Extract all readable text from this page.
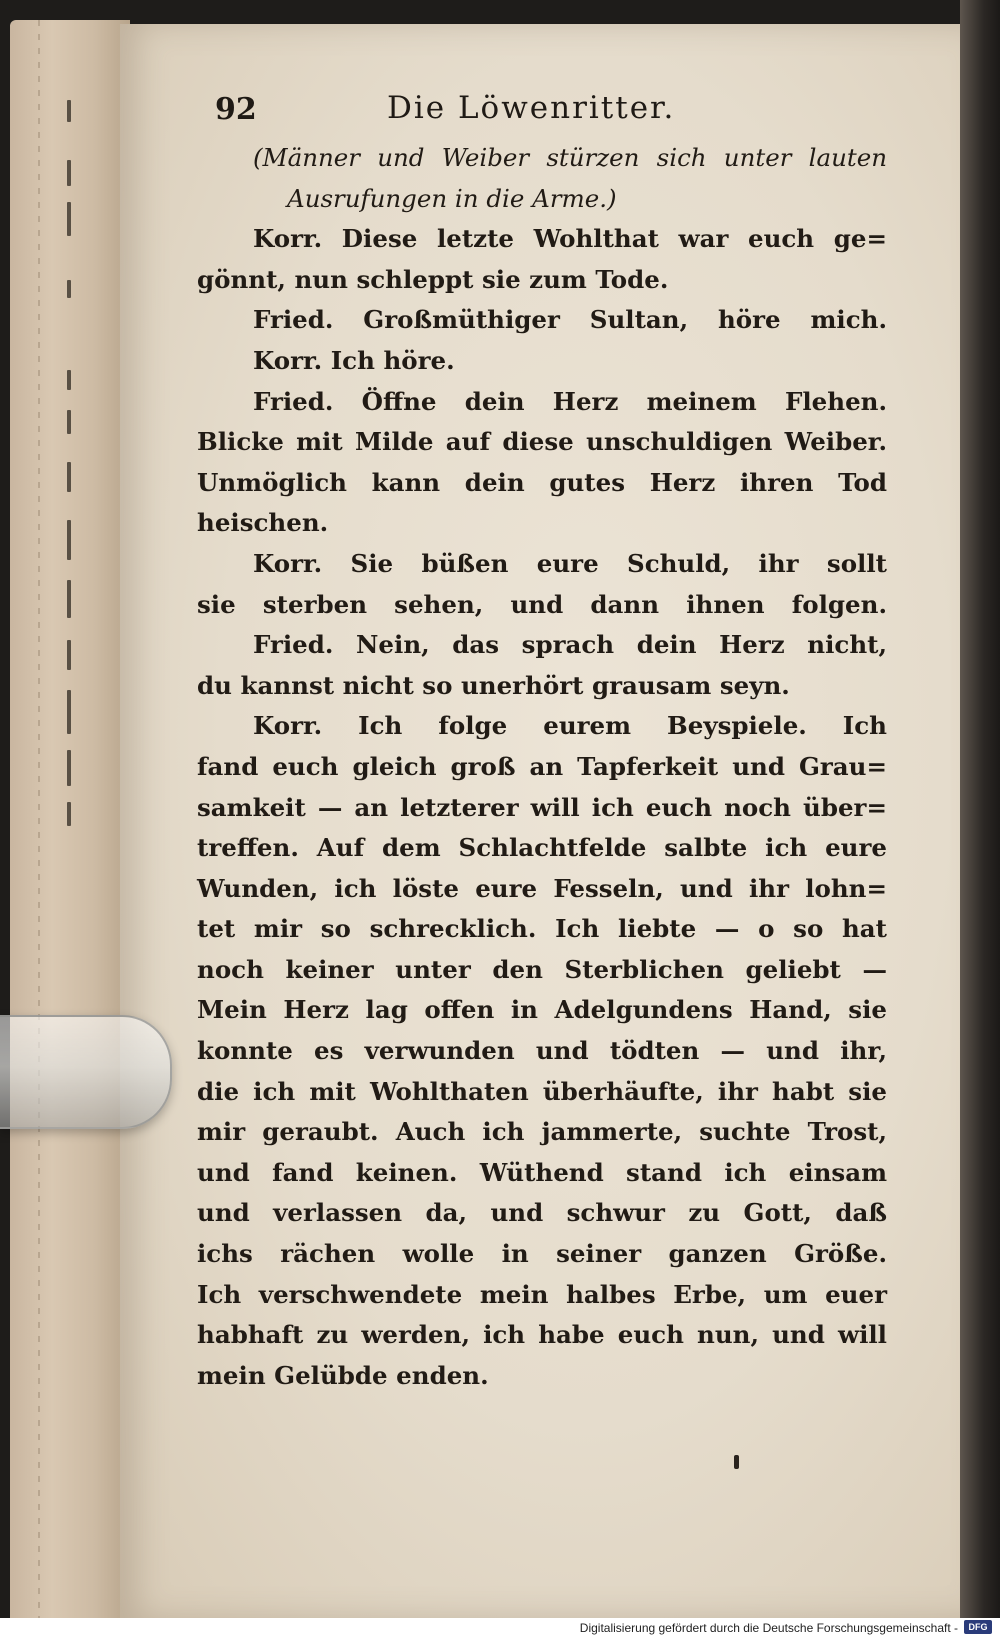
92	Die Löwenritter.
(Männer und Weiber stürzen sich unter lauten
Ausrufungen in die Arme.)
Korr. Diese letzte Wohlthat war euch ge=
gönnt, nun schleppt sie zum Tode.
Fried. Großmüthiger Sultan, höre mich.
Korr. Ich höre.
Fried. Öffne dein Herz meinem Flehen.
Blicke mit Milde auf diese unschuldigen Weiber.
Unmöglich kann dein gutes Herz ihren Tod
heischen.
Korr. Sie büßen eure Schuld, ihr sollt
sie sterben sehen, und dann ihnen folgen.
Fried. Nein, das sprach dein Herz nicht,
du kannst nicht so unerhört grausam seyn.
Korr. Ich folge eurem Beyspiele. Ich
fand euch gleich groß an Tapferkeit und Grau=
samkeit — an letzterer will ich euch noch über=
treffen. Auf dem Schlachtfelde salbte ich eure
Wunden, ich löste eure Fesseln, und ihr lohn=
tet mir so schrecklich. Ich liebte — o so hat
noch keiner unter den Sterblichen geliebt —
Mein Herz lag offen in Adelgundens Hand, sie
konnte es verwunden und tödten — und ihr,
die ich mit Wohlthaten überhäufte, ihr habt sie
mir geraubt. Auch ich jammerte, suchte Trost,
und fand keinen. Wüthend stand ich einsam
und verlassen da, und schwur zu Gott, daß
ichs rächen wolle in seiner ganzen Größe.
Ich verschwendete mein halbes Erbe, um euer
habhaft zu werden, ich habe euch nun, und will
mein Gelübde enden.
Digitalisierung gefördert durch die Deutsche Forschungsgemeinschaft -	DFG
